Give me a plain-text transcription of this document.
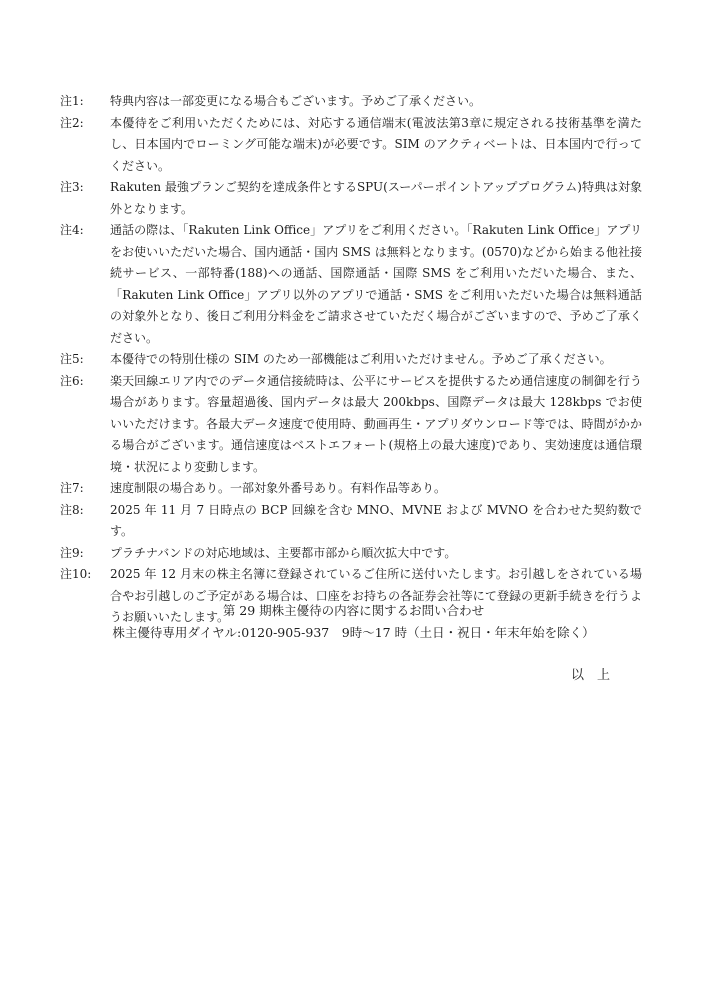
注1:	特典内容は一部変更になる場合もございます。予めご了承ください。
注2:	本優待をご利用いただくためには、対応する通信端末(電波法第3章に規定される技術基準を満たし、日本国内でローミング可能な端末)が必要です。SIM のアクティベートは、日本国内で行ってください。
注3:	Rakuten 最強プランご契約を達成条件とするSPU(スーパーポイントアッププログラム)特典は対象外となります。
注4:	通話の際は、「Rakuten Link Office」アプリをご利用ください。「Rakuten Link Office」アプリをお使いいただいた場合、国内通話・国内 SMS は無料となります。(0570)などから始まる他社接続サービス、一部特番(188)への通話、国際通話・国際 SMS をご利用いただいた場合、また、「Rakuten Link Office」アプリ以外のアプリで通話・SMS をご利用いただいた場合は無料通話の対象外となり、後日ご利用分料金をご請求させていただく場合がございますので、予めご了承ください。
注5:	本優待での特別仕様の SIM のため一部機能はご利用いただけません。予めご了承ください。
注6:	楽天回線エリア内でのデータ通信接続時は、公平にサービスを提供するため通信速度の制御を行う場合があります。容量超過後、国内データは最大 200kbps、国際データは最大 128kbps でお使いいただけます。各最大データ速度で使用時、動画再生・アプリダウンロード等では、時間がかかる場合がございます。通信速度はベストエフォート(規格上の最大速度)であり、実効速度は通信環境・状況により変動します。
注7:	速度制限の場合あり。一部対象外番号あり。有料作品等あり。
注8:	2025 年 11 月 7 日時点の BCP 回線を含む MNO、MVNE および MVNO を合わせた契約数です。
注9:	プラチナバンドの対応地域は、主要都市部から順次拡大中です。
注10:	2025 年 12 月末の株主名簿に登録されているご住所に送付いたします。お引越しをされている場合やお引越しのご予定がある場合は、口座をお持ちの各証券会社等にて登録の更新手続きを行うようお願いいたします。
第 29 期株主優待の内容に関するお問い合わせ
株主優待専用ダイヤル:0120-905-937　9時～17 時（土日・祝日・年末年始を除く）
以　上
